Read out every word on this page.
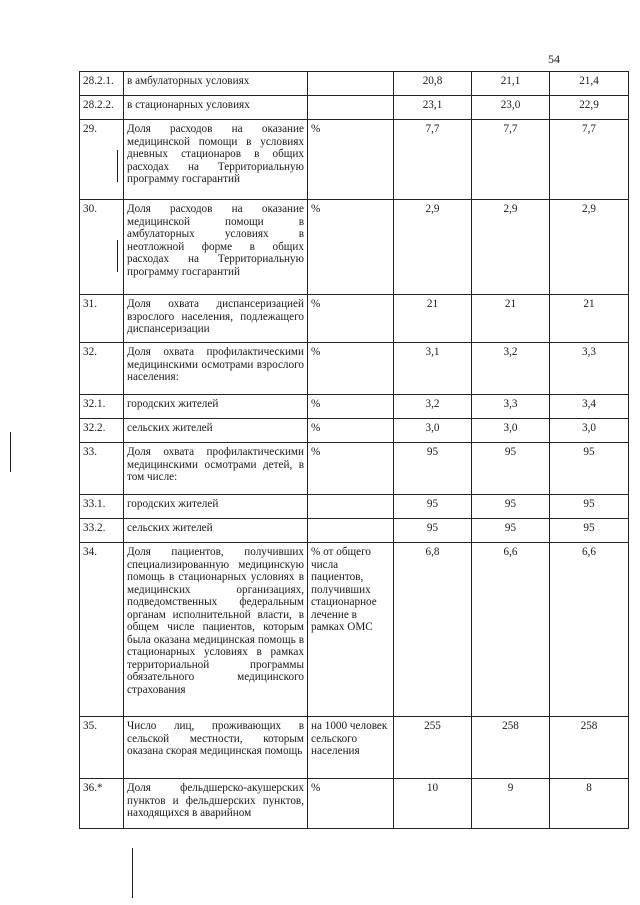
54
28.2.1.	в амбулаторных условиях		20,8	21,1	21,4
28.2.2.	в стационарных условиях		23,1	23,0	22,9
29.	Доля расходов на оказание медицинской помощи в условиях дневных стационаров в общих расходах на Территориальную программу госгарантий	%	7,7	7,7	7,7
30.	Доля расходов на оказание медицинской помощи в амбулаторных условиях в неотложной форме в общих расходах на Территориальную программу госгарантий	%	2,9	2,9	2,9
31.	Доля охвата диспансеризацией взрослого населения, подлежащего диспансеризации	%	21	21	21
32.	Доля охвата профилактическими медицинскими осмотрами взрослого населения:	%	3,1	3,2	3,3
32.1.	городских жителей	%	3,2	3,3	3,4
32.2.	сельских жителей	%	3,0	3,0	3,0
33.	Доля охвата профилактическими медицинскими осмотрами детей, в том числе:	%	95	95	95
33.1.	городских жителей		95	95	95
33.2.	сельских жителей		95	95	95
34.	Доля пациентов, получивших специализированную медицинскую помощь в стационарных условиях в медицинских организациях, подведомственных федеральным органам исполнительной власти, в общем числе пациентов, которым была оказана медицинская помощь в стационарных условиях в рамках территориальной программы обязательного медицинского страхования	% от общего числа пациентов, получивших стационарное лечение в рамках ОМС	6,8	6,6	6,6
35.	Число лиц, проживающих в сельской местности, которым оказана скорая медицинская помощь	на 1000 человек сельского населения	255	258	258
36.*	Доля фельдшерско-акушерских пунктов и фельдшерских пунктов, находящихся в аварийном	%	10	9	8
